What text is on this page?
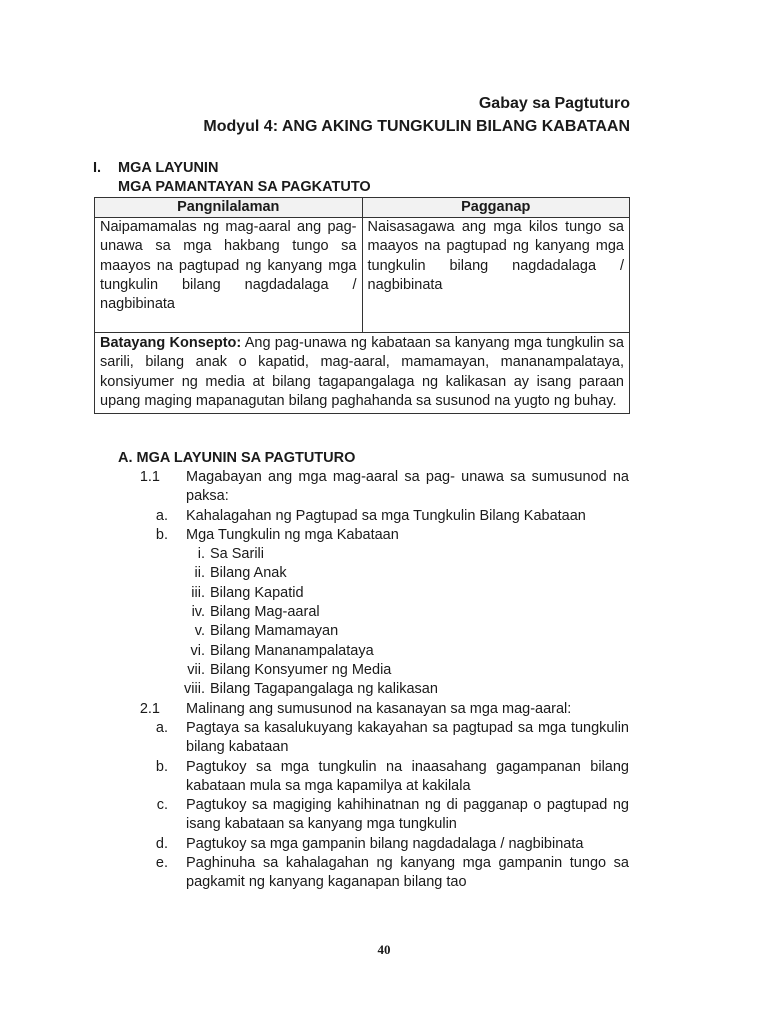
Gabay sa Pagtuturo
Modyul 4: ANG AKING TUNGKULIN BILANG KABATAAN
I. MGA LAYUNIN
MGA PAMANTAYAN SA PAGKATUTO
Pangnilalaman	Pagganap
Naipamamalas ng mag-aaral ang pag-unawa sa mga hakbang tungo sa maayos na pagtupad ng kanyang mga tungkulin bilang nagdadalaga / nagbibinata	Naisasagawa ang mga kilos tungo sa maayos na pagtupad ng kanyang mga tungkulin bilang nagdadalaga / nagbibinata
Batayang Konsepto: Ang pag-unawa ng kabataan sa kanyang mga tungkulin sa sarili, bilang anak o kapatid, mag-aaral, mamamayan, mananampalataya, konsiyumer ng media at bilang tagapangalaga ng kalikasan ay isang paraan upang maging mapanagutan bilang paghahanda sa susunod na yugto ng buhay.	
A. MGA LAYUNIN SA PAGTUTURO
1.1 Magabayan ang mga mag-aaral sa pag- unawa sa sumusunod na paksa:
a. Kahalagahan ng Pagtupad sa mga Tungkulin Bilang Kabataan
b. Mga Tungkulin ng mga Kabataan
i. Sa Sarili
ii. Bilang Anak
iii. Bilang Kapatid
iv. Bilang Mag-aaral
v. Bilang Mamamayan
vi. Bilang Mananampalataya
vii. Bilang Konsyumer ng Media
viii. Bilang Tagapangalaga ng kalikasan
2.1 Malinang ang sumusunod na kasanayan sa mga mag-aaral:
a. Pagtaya sa kasalukuyang kakayahan sa pagtupad sa mga tungkulin bilang kabataan
b. Pagtukoy sa mga tungkulin na inaasahang gagampanan bilang kabataan mula sa mga kapamilya at kakilala
c. Pagtukoy sa magiging kahihinatnan ng di pagganap o pagtupad ng isang kabataan sa kanyang mga tungkulin
d. Pagtukoy sa mga gampanin bilang nagdadalaga / nagbibinata
e. Paghinuha sa kahalagahan ng kanyang mga gampanin tungo sa pagkamit ng kanyang kaganapan bilang tao
40
